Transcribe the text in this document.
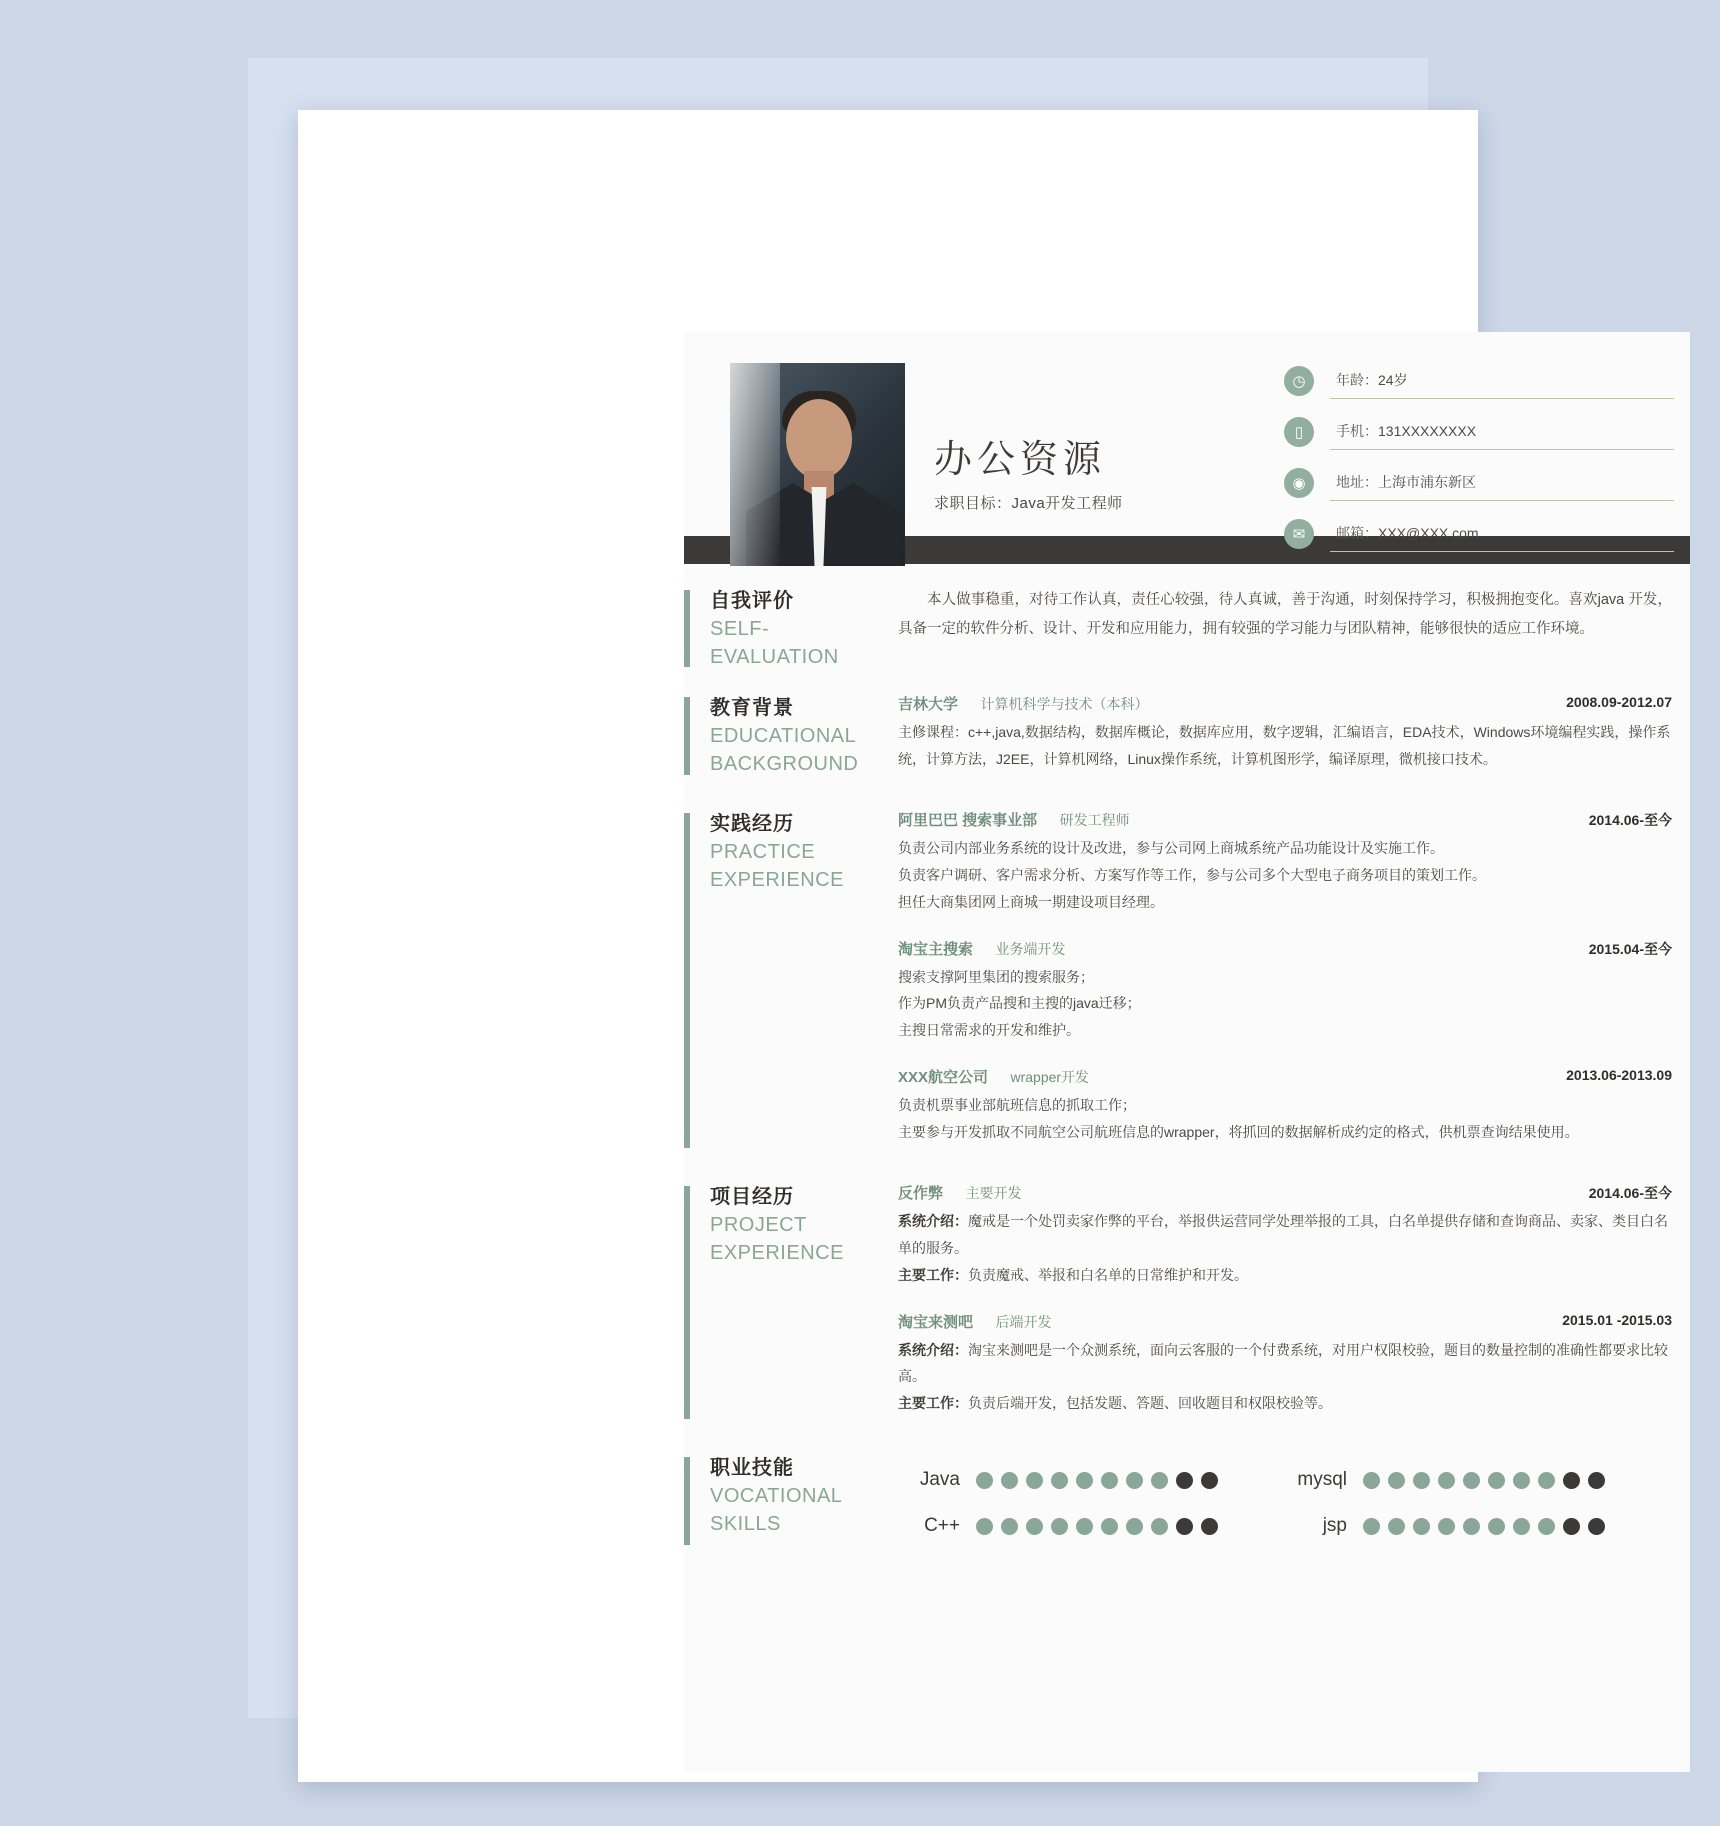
办公资源
求职目标：Java开发工程师
◷	年龄：24岁
▯	手机：131XXXXXXXX
◉	地址：上海市浦东新区
✉	邮箱：XXX@XXX.com
自我评价
SELF-
EVALUATION
本人做事稳重，对待工作认真，责任心较强，待人真诚，善于沟通，时刻保持学习，积极拥抱变化。喜欢java 开发，具备一定的软件分析、设计、开发和应用能力，拥有较强的学习能力与团队精神，能够很快的适应工作环境。
教育背景
EDUCATIONAL
BACKGROUND
吉林大学 计算机科学与技术（本科）	2008.09-2012.07
主修课程：c++,java,数据结构，数据库概论，数据库应用，数字逻辑，汇编语言，EDA技术，Windows环境编程实践，操作系统，计算方法，J2EE，计算机网络，Linux操作系统，计算机图形学，编译原理，微机接口技术。
实践经历
PRACTICE
EXPERIENCE
阿里巴巴 搜索事业部 研发工程师	2014.06-至今
负责公司内部业务系统的设计及改进，参与公司网上商城系统产品功能设计及实施工作。
负责客户调研、客户需求分析、方案写作等工作，参与公司多个大型电子商务项目的策划工作。
担任大商集团网上商城一期建设项目经理。
淘宝主搜索 业务端开发	2015.04-至今
搜索支撑阿里集团的搜索服务；
作为PM负责产品搜和主搜的java迁移；
主搜日常需求的开发和维护。
XXX航空公司 wrapper开发	2013.06-2013.09
负责机票事业部航班信息的抓取工作；
主要参与开发抓取不同航空公司航班信息的wrapper，将抓回的数据解析成约定的格式，供机票查询结果使用。
项目经历
PROJECT
EXPERIENCE
反作弊 主要开发	2014.06-至今
系统介绍：魔戒是一个处罚卖家作弊的平台，举报供运营同学处理举报的工具，白名单提供存储和查询商品、卖家、类目白名单的服务。
主要工作：负责魔戒、举报和白名单的日常维护和开发。
淘宝来测吧 后端开发	2015.01 -2015.03
系统介绍：淘宝来测吧是一个众测系统，面向云客服的一个付费系统，对用户权限校验，题目的数量控制的准确性都要求比较高。
主要工作：负责后端开发，包括发题、答题、回收题目和权限校验等。
职业技能
VOCATIONAL
SKILLS
Java	mysql
C++	jsp
